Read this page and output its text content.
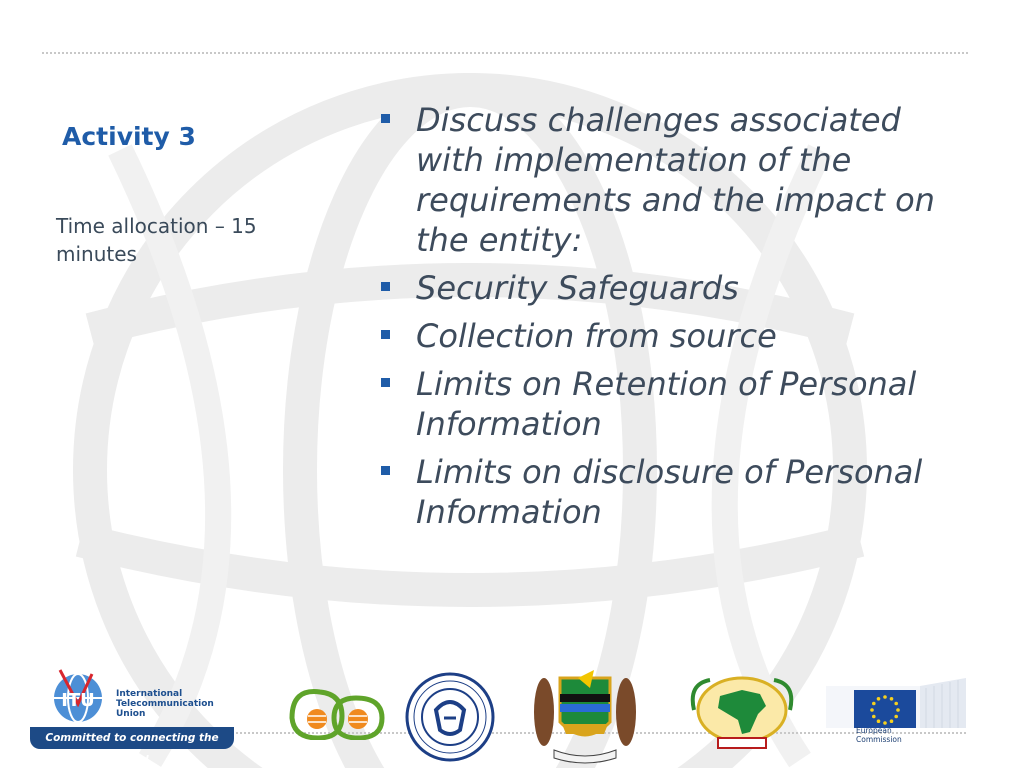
Activity 3

Time allocation – 15 minutes

Discuss challenges associated with implementation of the requirements and the impact on the entity:
Security Safeguards
Collection from source
Limits on Retention of Personal Information
Limits on disclosure of Personal Information
ITU International
Telecommunication
Union
Committed to connecting the world
European
Commission
